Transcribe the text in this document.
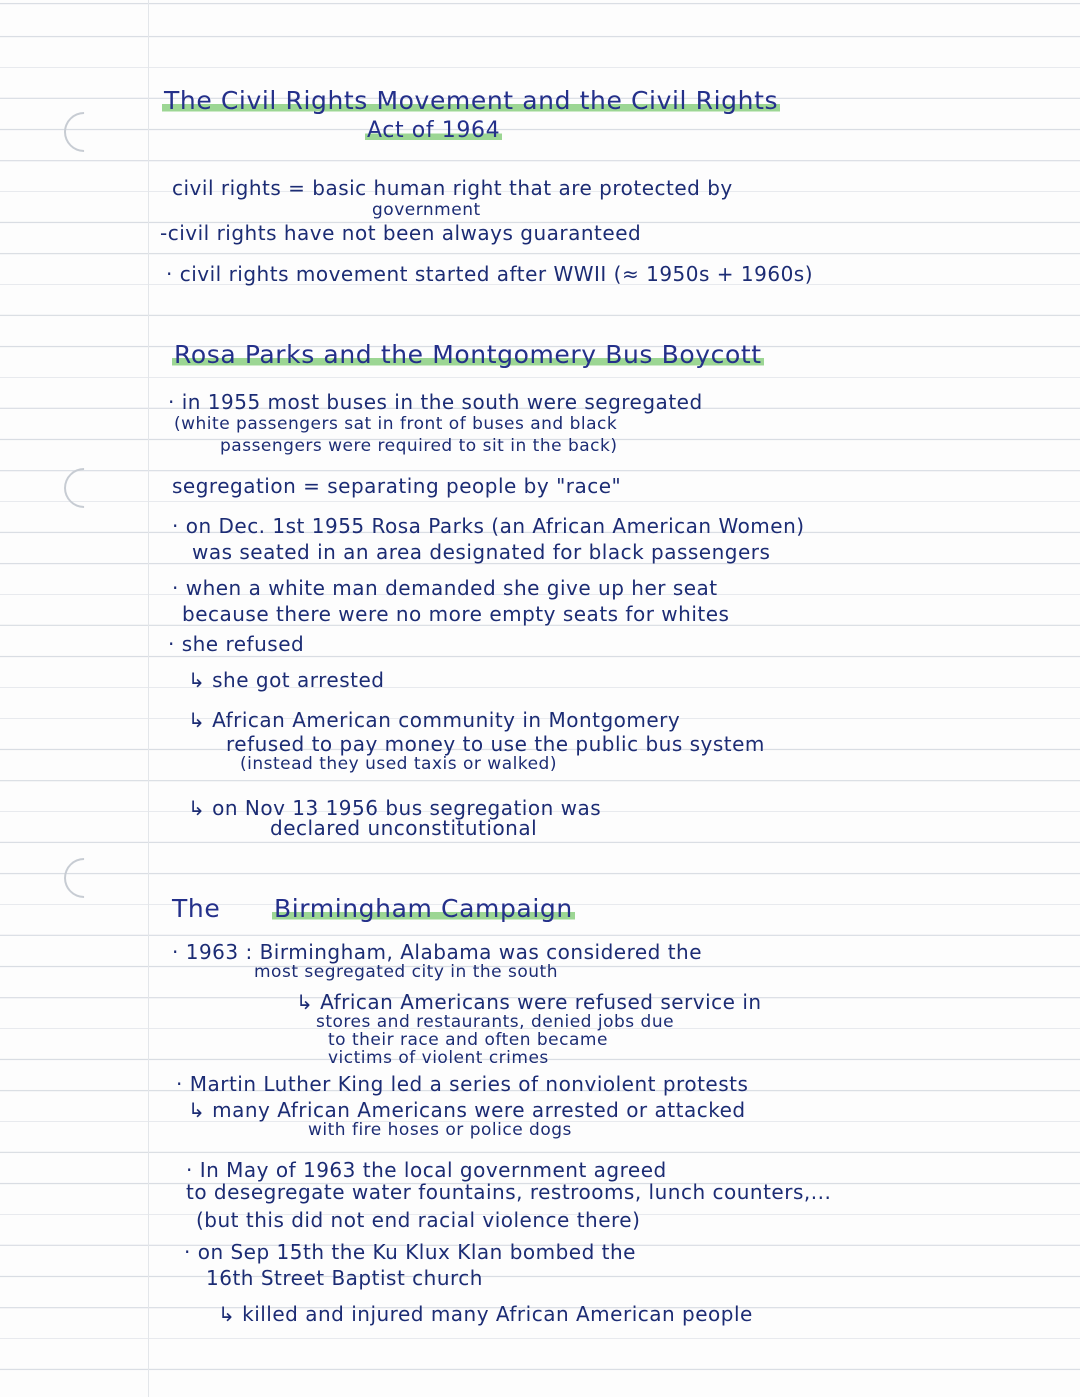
The Civil Rights Movement and the Civil Rights
Act of 1964
civil rights = basic human right that are protected by
government
-civil rights have not been always guaranteed
· civil rights movement started after WWII (≈ 1950s + 1960s)
Rosa Parks and the Montgomery Bus Boycott
· in 1955 most buses in the south were segregated
(white passengers sat in front of buses and black
passengers were required to sit in the back)
segregation = separating people by "race"
· on Dec. 1st 1955 Rosa Parks (an African American Women)
was seated in an area designated for black passengers
· when a white man demanded she give up her seat
because there were no more empty seats for whites
· she refused
↳ she got arrested
↳ African American community in Montgomery
refused to pay money to use the public bus system
(instead they used taxis or walked)
↳ on Nov 13 1956 bus segregation was
declared unconstitutional
The Birmingham Campaign
· 1963 : Birmingham, Alabama was considered the
most segregated city in the south
↳ African Americans were refused service in
stores and restaurants, denied jobs due
to their race and often became
victims of violent crimes
· Martin Luther King led a series of nonviolent protests
↳ many African Americans were arrested or attacked
with fire hoses or police dogs
· In May of 1963 the local government agreed
to desegregate water fountains, restrooms, lunch counters,...
(but this did not end racial violence there)
· on Sep 15th the Ku Klux Klan bombed the
16th Street Baptist church
↳ killed and injured many African American people
